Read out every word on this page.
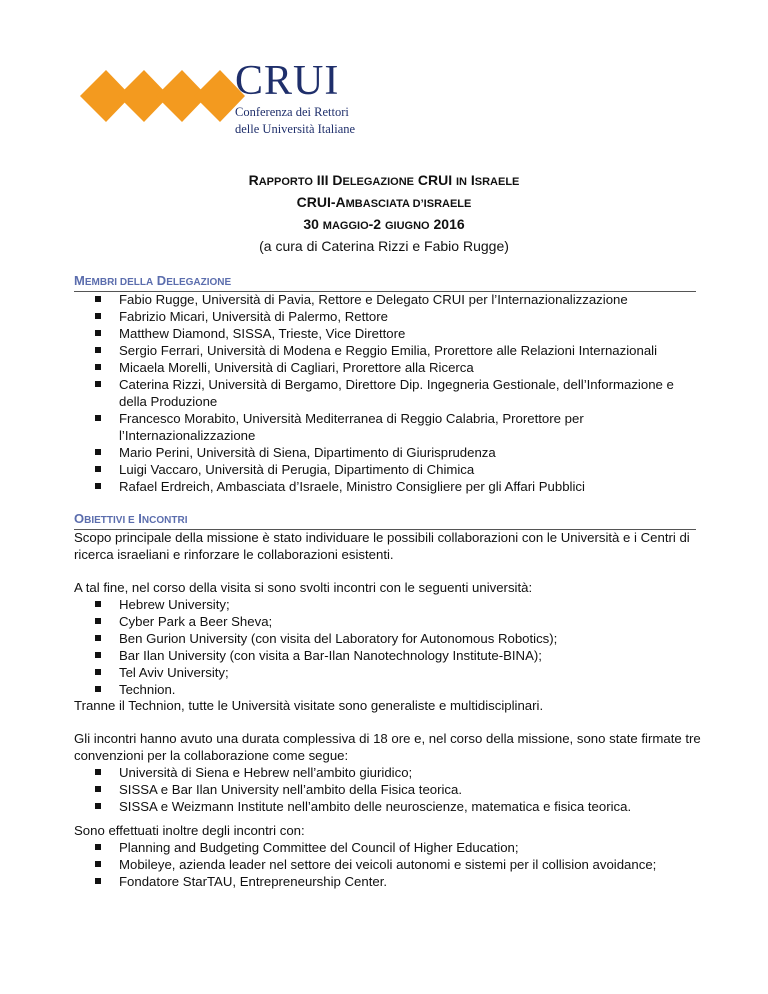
CRUI
Conferenza dei Rettori
delle Università Italiane

RAPPORTO III DELEGAZIONE CRUI IN ISRAELE

CRUI-AMBASCIATA D’ISRAELE

30 MAGGIO-2 GIUGNO 2016

(a cura di Caterina Rizzi e Fabio Rugge)

MEMBRI DELLA DELEGAZIONE
Fabio Rugge, Università di Pavia, Rettore e Delegato CRUI per l’Internazionalizzazione
Fabrizio Micari, Università di Palermo, Rettore
Matthew Diamond, SISSA, Trieste, Vice Direttore
Sergio Ferrari, Università di Modena e Reggio Emilia, Prorettore alle Relazioni Internazionali
Micaela Morelli, Università di Cagliari, Prorettore alla Ricerca
Caterina Rizzi, Università di Bergamo, Direttore Dip. Ingegneria Gestionale, dell’Informazione e della Produzione
Francesco Morabito, Università Mediterranea di Reggio Calabria, Prorettore per l’Internazionalizzazione
Mario Perini, Università di Siena, Dipartimento di Giurisprudenza
Luigi Vaccaro, Università di Perugia, Dipartimento di Chimica
Rafael Erdreich, Ambasciata d’Israele, Ministro Consigliere per gli Affari Pubblici
OBIETTIVI E INCONTRI

Scopo principale della missione è stato individuare le possibili collaborazioni con le Università e i Centri di ricerca israeliani e rinforzare le collaborazioni esistenti.

A tal fine, nel corso della visita si sono svolti incontri con le seguenti università:

Hebrew University;
Cyber Park a Beer Sheva;
Ben Gurion University (con visita del Laboratory for Autonomous Robotics);
Bar Ilan University (con visita a Bar-Ilan Nanotechnology Institute-BINA);
Tel Aviv University;
Technion.

Tranne il Technion, tutte le Università visitate sono generaliste e multidisciplinari.

Gli incontri hanno avuto una durata complessiva di 18 ore e, nel corso della missione, sono state firmate tre convenzioni per la collaborazione come segue:

Università di Siena e Hebrew nell’ambito giuridico;
SISSA e Bar Ilan University nell’ambito della Fisica teorica.
SISSA e Weizmann Institute nell’ambito delle neuroscienze, matematica e fisica teorica.

Sono effettuati inoltre degli incontri con:

Planning and Budgeting Committee del Council of Higher Education;
Mobileye, azienda leader nel settore dei veicoli autonomi e sistemi per il collision avoidance;
Fondatore StarTAU, Entrepreneurship Center.
